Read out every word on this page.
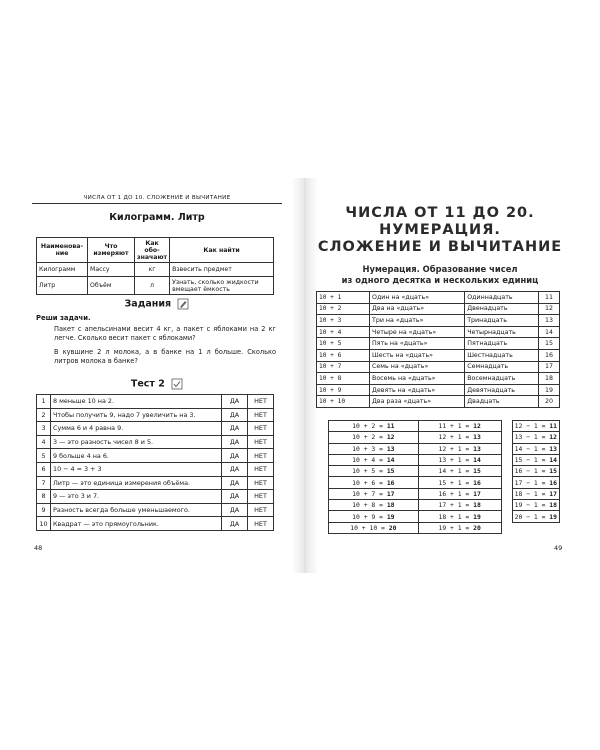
ЧИСЛА ОТ 1 ДО 10. СЛОЖЕНИЕ И ВЫЧИТАНИЕ
Килограмм. Литр
Наименова-ние	Что измеряют	Как обо-значают	Как найти
Килограмм	Массу	кг	Взвесить предмет
Литр	Объём	л	Узнать, сколько жидкости вмещает ёмкость
Задания
Реши задачи.
Пакет с апельсинами весит 4 кг, а пакет с яблоками на 2 кг легче. Сколько весит пакет с яблоками?
В кувшине 2 л молока, а в банке на 1 л больше. Сколько литров молока в банке?
Тест 2
1	8 меньше 10 на 2.	ДА	НЕТ
2	Чтобы получить 9, надо 7 увеличить на 3.	ДА	НЕТ
3	Сумма 6 и 4 равна 9.	ДА	НЕТ
4	3 — это разность чисел 8 и 5.	ДА	НЕТ
5	9 больше 4 на 6.	ДА	НЕТ
6	10 − 4 = 3 + 3	ДА	НЕТ
7	Литр — это единица измерения объёма.	ДА	НЕТ
8	9 — это 3 и 7.	ДА	НЕТ
9	Разность всегда больше уменьшаемого.	ДА	НЕТ
10	Квадрат — это прямоугольник.	ДА	НЕТ
48
ЧИСЛА ОТ 11 ДО 20.
НУМЕРАЦИЯ.
СЛОЖЕНИЕ И ВЫЧИТАНИЕ
Нумерация. Образование чисел
из одного десятка и нескольких единиц
10 + 1	Один на «дцать»	Одиннадцать	11
10 + 2	Два на «дцать»	Двенадцать	12
10 + 3	Три на «дцать»	Тринадцать	13
10 + 4	Четыре на «дцать»	Четырнадцать	14
10 + 5	Пять на «дцать»	Пятнадцать	15
10 + 6	Шесть на «дцать»	Шестнадцать	16
10 + 7	Семь на «дцать»	Семнадцать	17
10 + 8	Восемь на «дцать»	Восемнадцать	18
10 + 9	Девять на «дцать»	Девятнадцать	19
10 + 10	Два раза «дцать»	Двадцать	20
10 + 2 = 11	11 + 1 = 12		12 − 1 = 11
10 + 2 = 12	12 + 1 = 13		13 − 1 = 12
10 + 3 = 13	12 + 1 = 13		14 − 1 = 13
10 + 4 = 14	13 + 1 = 14		15 − 1 = 14
10 + 5 = 15	14 + 1 = 15		16 − 1 = 15
10 + 6 = 16	15 + 1 = 16		17 − 1 = 16
10 + 7 = 17	16 + 1 = 17		18 − 1 = 17
10 + 8 = 18	17 + 1 = 18		19 − 1 = 18
10 + 9 = 19	18 + 1 = 19		20 − 1 = 19
10 + 10 = 20	19 + 1 = 20		
49
